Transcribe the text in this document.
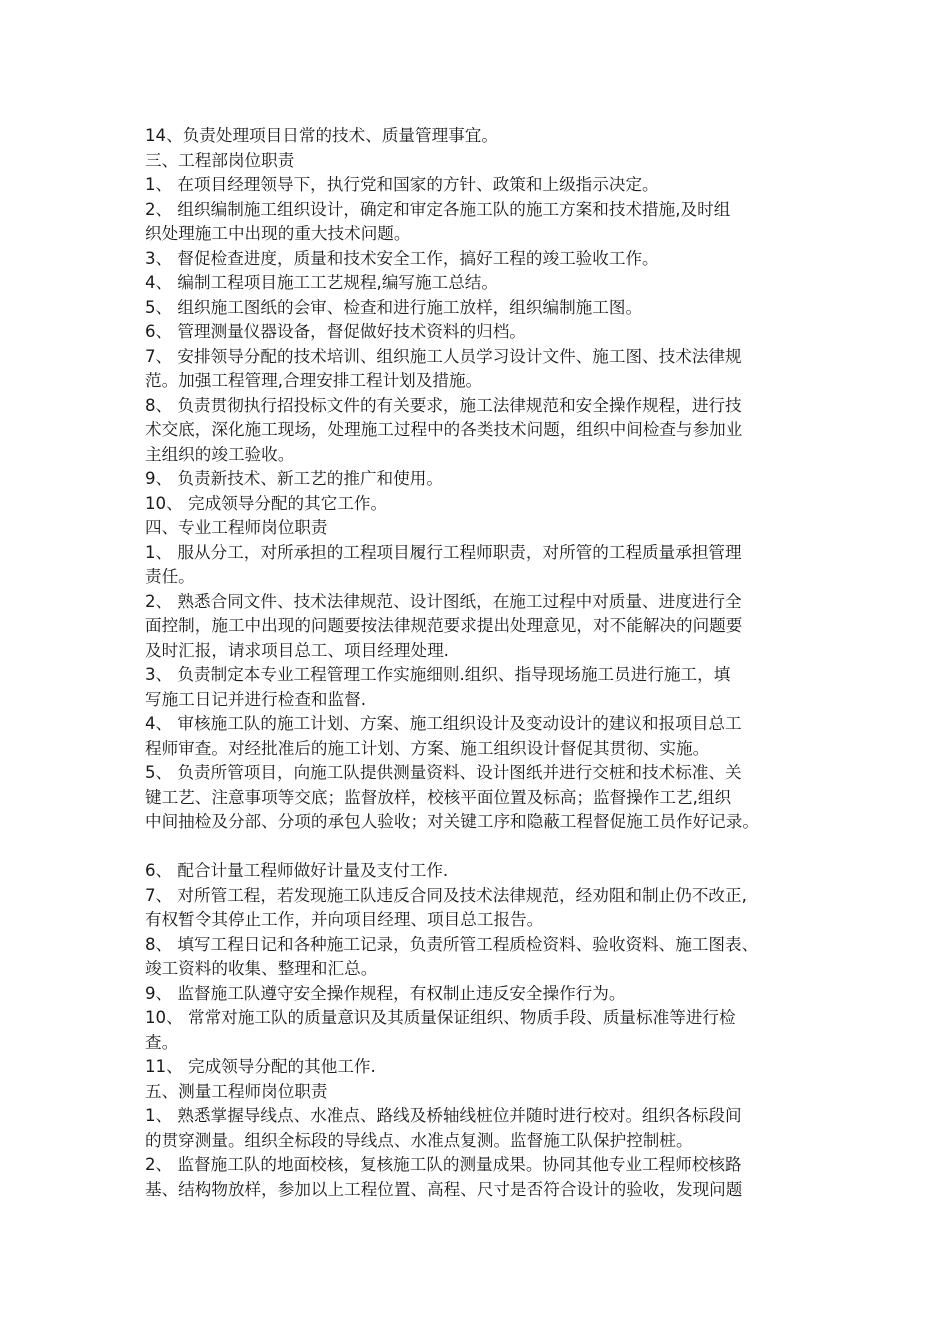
14、负责处理项目日常的技术、质量管理事宜。

三、工程部岗位职责

1、 在项目经理领导下，执行党和国家的方针、政策和上级指示决定。

2、 组织编制施工组织设计，确定和审定各施工队的施工方案和技术措施,及时组

织处理施工中出现的重大技术问题。

3、 督促检查进度，质量和技术安全工作，搞好工程的竣工验收工作。

4、 编制工程项目施工工艺规程,编写施工总结。

5、 组织施工图纸的会审、检查和进行施工放样，组织编制施工图。

6、 管理测量仪器设备，督促做好技术资料的归档。

7、 安排领导分配的技术培训、组织施工人员学习设计文件、施工图、技术法律规

范。加强工程管理,合理安排工程计划及措施。

8、 负责贯彻执行招投标文件的有关要求，施工法律规范和安全操作规程，进行技

术交底，深化施工现场，处理施工过程中的各类技术问题，组织中间检查与参加业

主组织的竣工验收。

9、 负责新技术、新工艺的推广和使用。

10、 完成领导分配的其它工作。

四、专业工程师岗位职责

1、 服从分工，对所承担的工程项目履行工程师职责，对所管的工程质量承担管理

责任。

2、 熟悉合同文件、技术法律规范、设计图纸，在施工过程中对质量、进度进行全

面控制，施工中出现的问题要按法律规范要求提出处理意见，对不能解决的问题要

及时汇报，请求项目总工、项目经理处理.

3、 负责制定本专业工程管理工作实施细则.组织、指导现场施工员进行施工，填

写施工日记并进行检查和监督.

4、 审核施工队的施工计划、方案、施工组织设计及变动设计的建议和报项目总工

程师审查。对经批准后的施工计划、方案、施工组织设计督促其贯彻、实施。

5、 负责所管项目，向施工队提供测量资料、设计图纸并进行交桩和技术标准、关

键工艺、注意事项等交底；监督放样，校核平面位置及标高；监督操作工艺,组织

中间抽检及分部、分项的承包人验收；对关键工序和隐蔽工程督促施工员作好记录。

6、 配合计量工程师做好计量及支付工作.

7、 对所管工程，若发现施工队违反合同及技术法律规范，经劝阻和制止仍不改正,

有权暂令其停止工作，并向项目经理、项目总工报告。

8、 填写工程日记和各种施工记录，负责所管工程质检资料、验收资料、施工图表、

竣工资料的收集、整理和汇总。

9、 监督施工队遵守安全操作规程，有权制止违反安全操作行为。

10、 常常对施工队的质量意识及其质量保证组织、物质手段、质量标准等进行检

查。

11、 完成领导分配的其他工作.

五、测量工程师岗位职责

1、 熟悉掌握导线点、水准点、路线及桥轴线桩位并随时进行校对。组织各标段间

的贯穿测量。组织全标段的导线点、水准点复测。监督施工队保护控制桩。

2、 监督施工队的地面校核，复核施工队的测量成果。协同其他专业工程师校核路

基、结构物放样，参加以上工程位置、高程、尺寸是否符合设计的验收，发现问题
